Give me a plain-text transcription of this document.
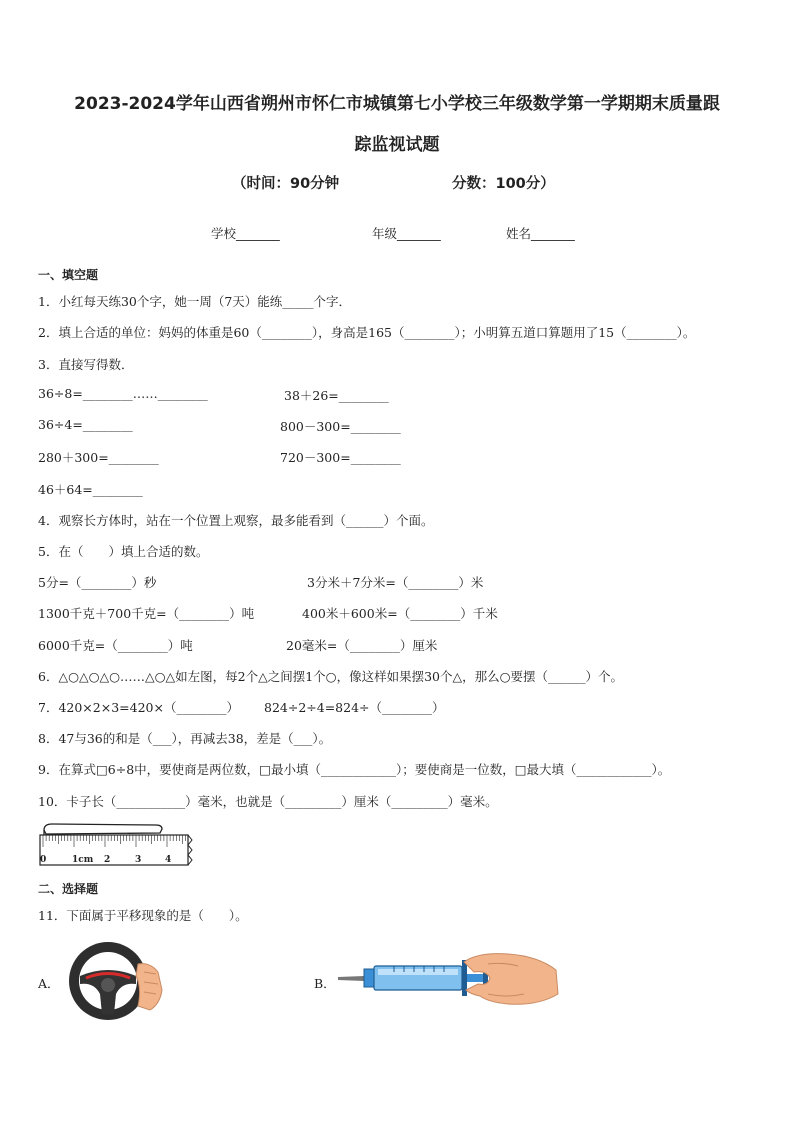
2023-2024学年山西省朔州市怀仁市城镇第七小学校三年级数学第一学期期末质量跟
踪监视试题
（时间：90分钟	分数：100分）
学校_______	年级_______	姓名_______
一、填空题
1．小红每天练30个字，她一周（7天）能练_____个字．
2．填上合适的单位：妈妈的体重是60（________），身高是165（________）；小明算五道口算题用了15（________）。
3．直接写得数．
36÷8=________……________	38＋26=________
36÷4=________	800－300=________
280＋300=________	720－300=________
46＋64=________
4．观察长方体时，站在一个位置上观察，最多能看到（______）个面。
5．在（　　）填上合适的数。
5分=（________）秒	3分米＋7分米=（________）米
1300千克＋700千克=（________）吨	400米＋600米=（________）千米
6000千克=（________）吨	20毫米=（________）厘米
6．△○△○△○……△○△如左图，每2个△之间摆1个○，像这样如果摆30个△，那么○要摆（______）个。
7．420×2×3=420×（________） 824÷2÷4=824÷（________）
8．47与36的和是（___），再减去38，差是（___）。
9．在算式□6÷8中，要使商是两位数，□最小填（____________）；要使商是一位数，□最大填（____________）。
10．卡子长（___________）毫米，也就是（_________）厘米（_________）毫米。
0	1cm 2	3	4
二、选择题
11．下面属于平移现象的是（　　）。
A．	B．
